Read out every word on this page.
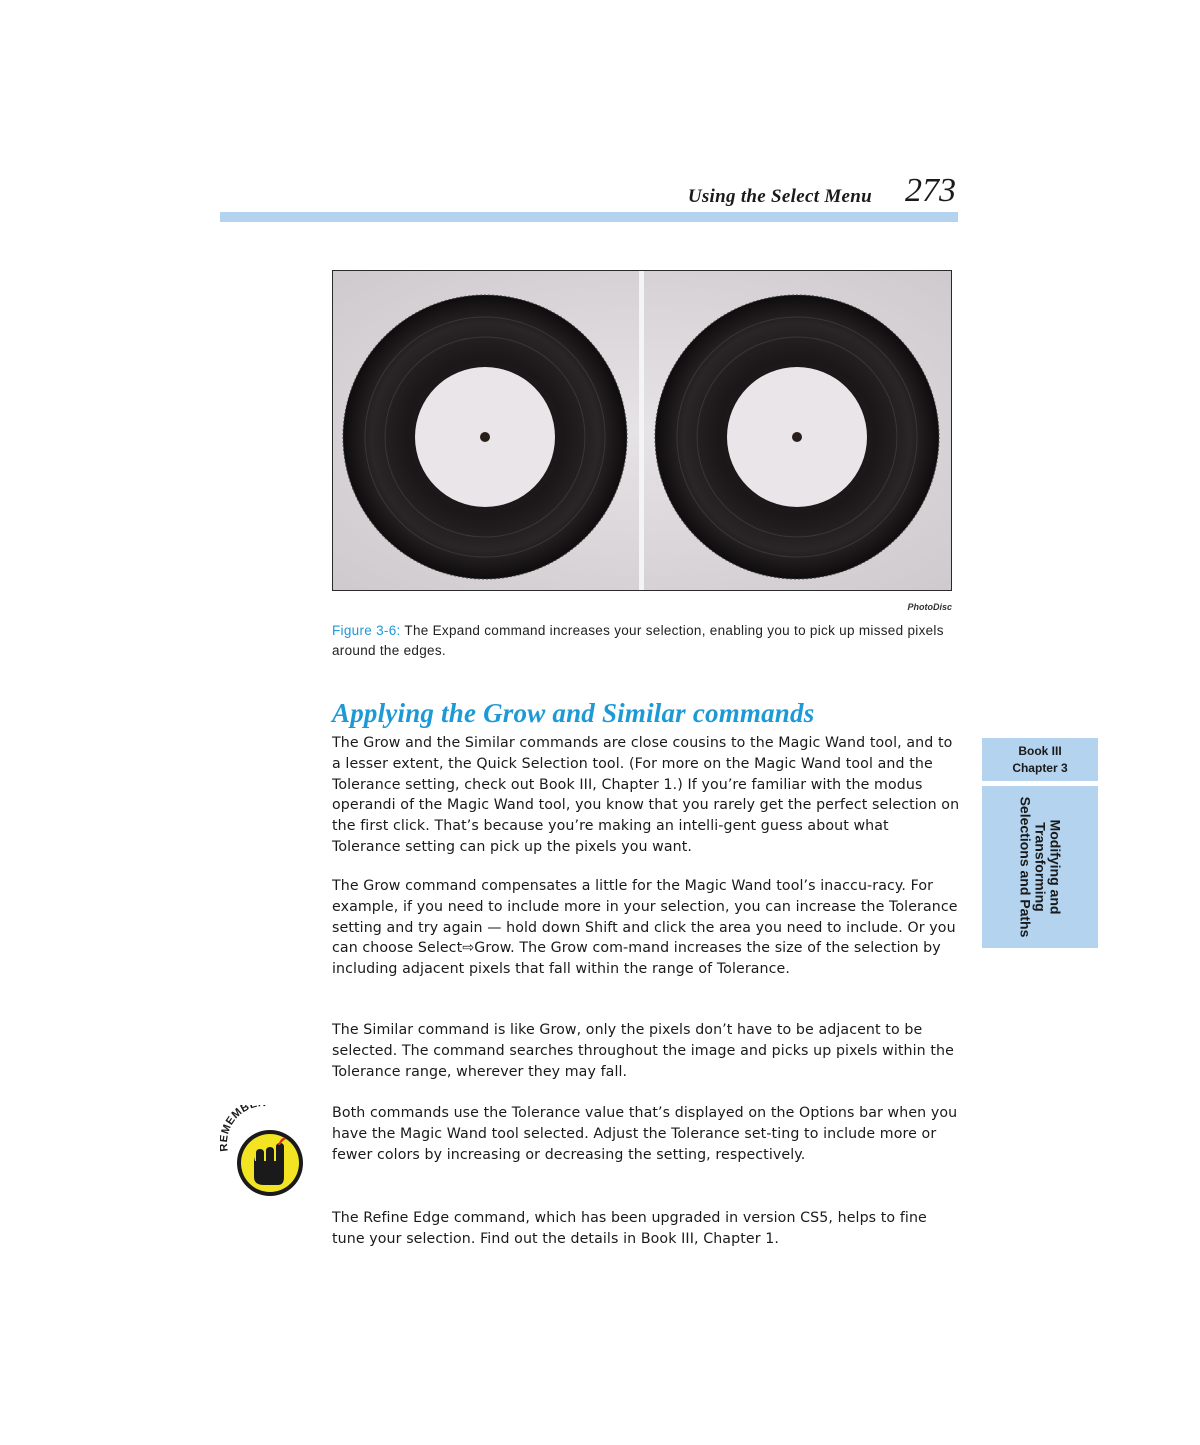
Using the Select Menu 273
PhotoDisc
Figure 3-6: The Expand command increases your selection, enabling you to pick up missed pixels around the edges.
Applying the Grow and Similar commands

The Grow and the Similar commands are close cousins to the Magic Wand tool, and to a lesser extent, the Quick Selection tool. (For more on the Magic Wand tool and the Tolerance setting, check out Book III, Chapter 1.) If you’re familiar with the modus operandi of the Magic Wand tool, you know that you rarely get the perfect selection on the first click. That’s because you’re making an intelli-gent guess about what Tolerance setting can pick up the pixels you want.

The Grow command compensates a little for the Magic Wand tool’s inaccu-racy. For example, if you need to include more in your selection, you can increase the Tolerance setting and try again — hold down Shift and click the area you need to include. Or you can choose Select⇨Grow. The Grow com-mand increases the size of the selection by including adjacent pixels that fall within the range of Tolerance.

The Similar command is like Grow, only the pixels don’t have to be adjacent to be selected. The command searches throughout the image and picks up pixels within the Tolerance range, wherever they may fall.

Both commands use the Tolerance value that’s displayed on the Options bar when you have the Magic Wand tool selected. Adjust the Tolerance set-ting to include more or fewer colors by increasing or decreasing the setting, respectively.

The Refine Edge command, which has been upgraded in version CS5, helps to fine tune your selection. Find out the details in Book III, Chapter 1.

Book III
Chapter 3
Modifying and
Transforming
Selections and Paths
MEMB
